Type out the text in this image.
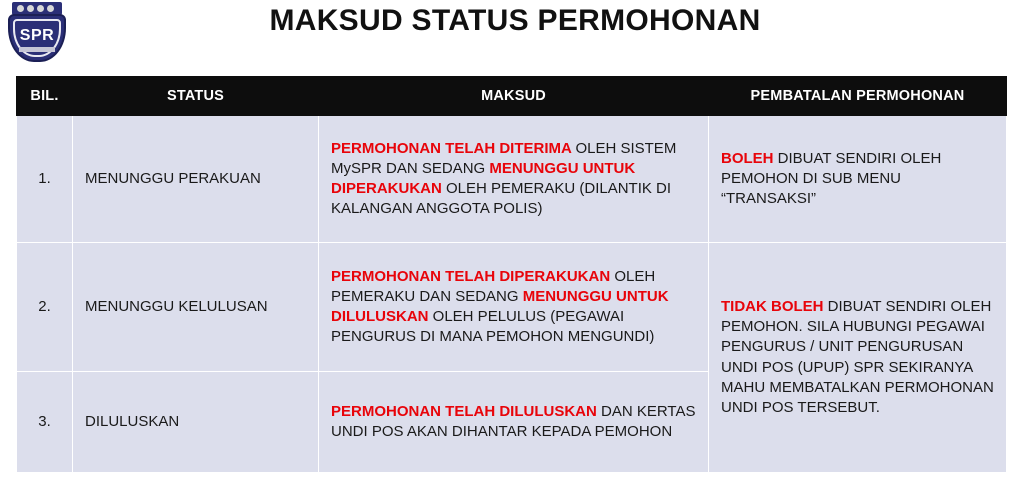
SPR	MAKSUD STATUS PERMOHONAN
BIL.	STATUS	MAKSUD	PEMBATALAN PERMOHONAN
1.	MENUNGGU PERAKUAN	PERMOHONAN TELAH DITERIMA OLEH SISTEM MySPR DAN SEDANG MENUNGGU UNTUK DIPERAKUKAN OLEH PEMERAKU (DILANTIK DI KALANGAN ANGGOTA POLIS)	BOLEH DIBUAT SENDIRI OLEH PEMOHON DI SUB MENU “TRANSAKSI”
2.	MENUNGGU KELULUSAN	PERMOHONAN TELAH DIPERAKUKAN OLEH PEMERAKU DAN SEDANG MENUNGGU UNTUK DILULUSKAN OLEH PELULUS (PEGAWAI PENGURUS DI MANA PEMOHON MENGUNDI)	TIDAK BOLEH DIBUAT SENDIRI OLEH PEMOHON. SILA HUBUNGI PEGAWAI PENGURUS / UNIT PENGURUSAN UNDI POS (UPUP) SPR SEKIRANYA MAHU MEMBATALKAN PERMOHONAN UNDI POS TERSEBUT.
3.	DILULUSKAN	PERMOHONAN TELAH DILULUSKAN DAN KERTAS UNDI POS AKAN DIHANTAR KEPADA PEMOHON	
